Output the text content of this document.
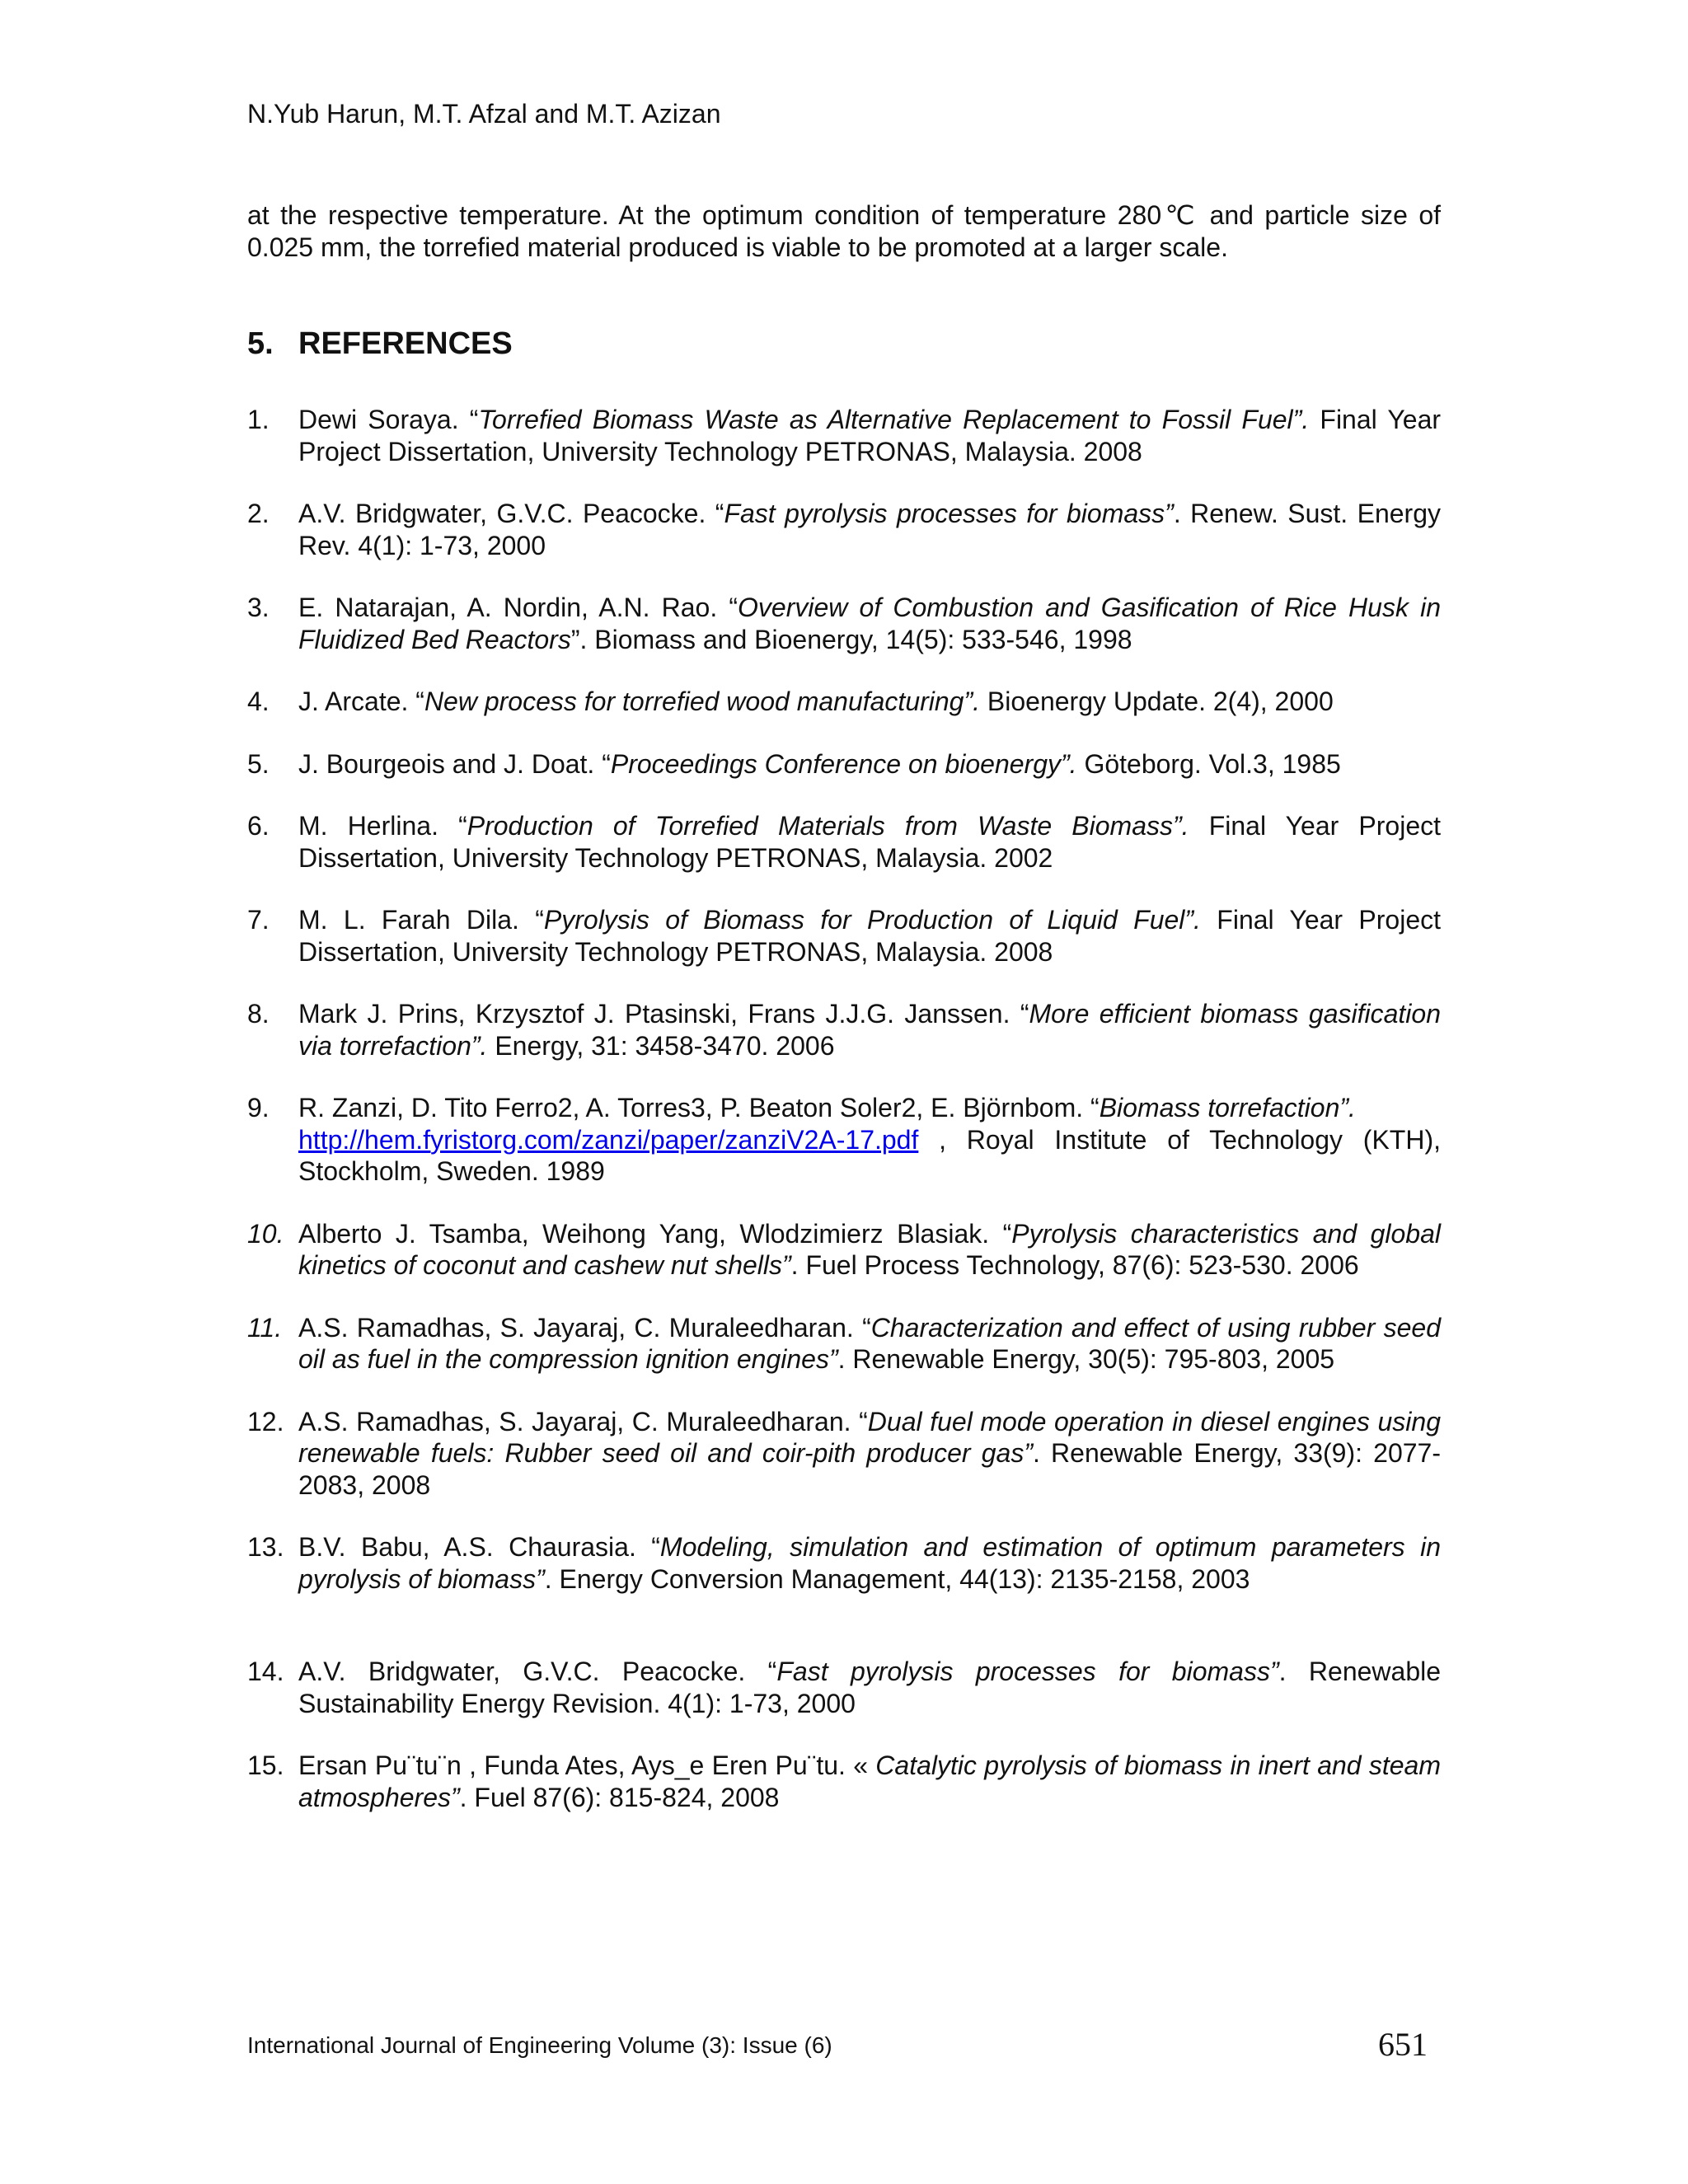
N.Yub Harun, M.T. Afzal and M.T. Azizan

at the respective temperature. At the optimum condition of temperature 280℃ and particle size of 0.025 mm, the torrefied material produced is viable to be promoted at a larger scale.

5. REFERENCES
1.	Dewi Soraya. “Torrefied Biomass Waste as Alternative Replacement to Fossil Fuel”. Final Year Project Dissertation, University Technology PETRONAS, Malaysia. 2008
2.	A.V. Bridgwater, G.V.C. Peacocke. “Fast pyrolysis processes for biomass”. Renew. Sust. Energy Rev. 4(1): 1-73, 2000
3.	E. Natarajan, A. Nordin, A.N. Rao. “Overview of Combustion and Gasification of Rice Husk in Fluidized Bed Reactors”. Biomass and Bioenergy, 14(5): 533-546, 1998
4.	J. Arcate. “New process for torrefied wood manufacturing”. Bioenergy Update. 2(4), 2000
5.	J. Bourgeois and J. Doat. “Proceedings Conference on bioenergy”. Göteborg. Vol.3, 1985
6.	M. Herlina. “Production of Torrefied Materials from Waste Biomass”. Final Year Project Dissertation, University Technology PETRONAS, Malaysia. 2002
7.	M. L. Farah Dila. “Pyrolysis of Biomass for Production of Liquid Fuel”. Final Year Project Dissertation, University Technology PETRONAS, Malaysia. 2008
8.	Mark J. Prins, Krzysztof J. Ptasinski, Frans J.J.G. Janssen. “More efficient biomass gasification via torrefaction”. Energy, 31: 3458-3470. 2006
9.	R. Zanzi, D. Tito Ferro2, A. Torres3, P. Beaton Soler2, E. Björnbom. “Biomass torrefaction”.
http://hem.fyristorg.com/zanzi/paper/zanziV2A-17.pdf , Royal Institute of Technology (KTH), Stockholm, Sweden. 1989
10. Alberto J. Tsamba, Weihong Yang, Wlodzimierz Blasiak. “Pyrolysis characteristics and global kinetics of coconut and cashew nut shells”. Fuel Process Technology, 87(6): 523-530. 2006
11. A.S. Ramadhas, S. Jayaraj, C. Muraleedharan. “Characterization and effect of using rubber seed oil as fuel in the compression ignition engines”. Renewable Energy, 30(5): 795-803, 2005
12. A.S. Ramadhas, S. Jayaraj, C. Muraleedharan. “Dual fuel mode operation in diesel engines using renewable fuels: Rubber seed oil and coir-pith producer gas”. Renewable Energy, 33(9): 2077-2083, 2008
13. B.V. Babu, A.S. Chaurasia. “Modeling, simulation and estimation of optimum parameters in pyrolysis of biomass”. Energy Conversion Management, 44(13): 2135-2158, 2003
14. A.V. Bridgwater, G.V.C. Peacocke. “Fast pyrolysis processes for biomass”. Renewable Sustainability Energy Revision. 4(1): 1-73, 2000
15. Ersan Pu¨tu¨n , Funda Ates, Ays_e Eren Pu¨tu. « Catalytic pyrolysis of biomass in inert and steam atmospheres”. Fuel 87(6): 815-824, 2008
International Journal of Engineering Volume (3): Issue (6)	651
